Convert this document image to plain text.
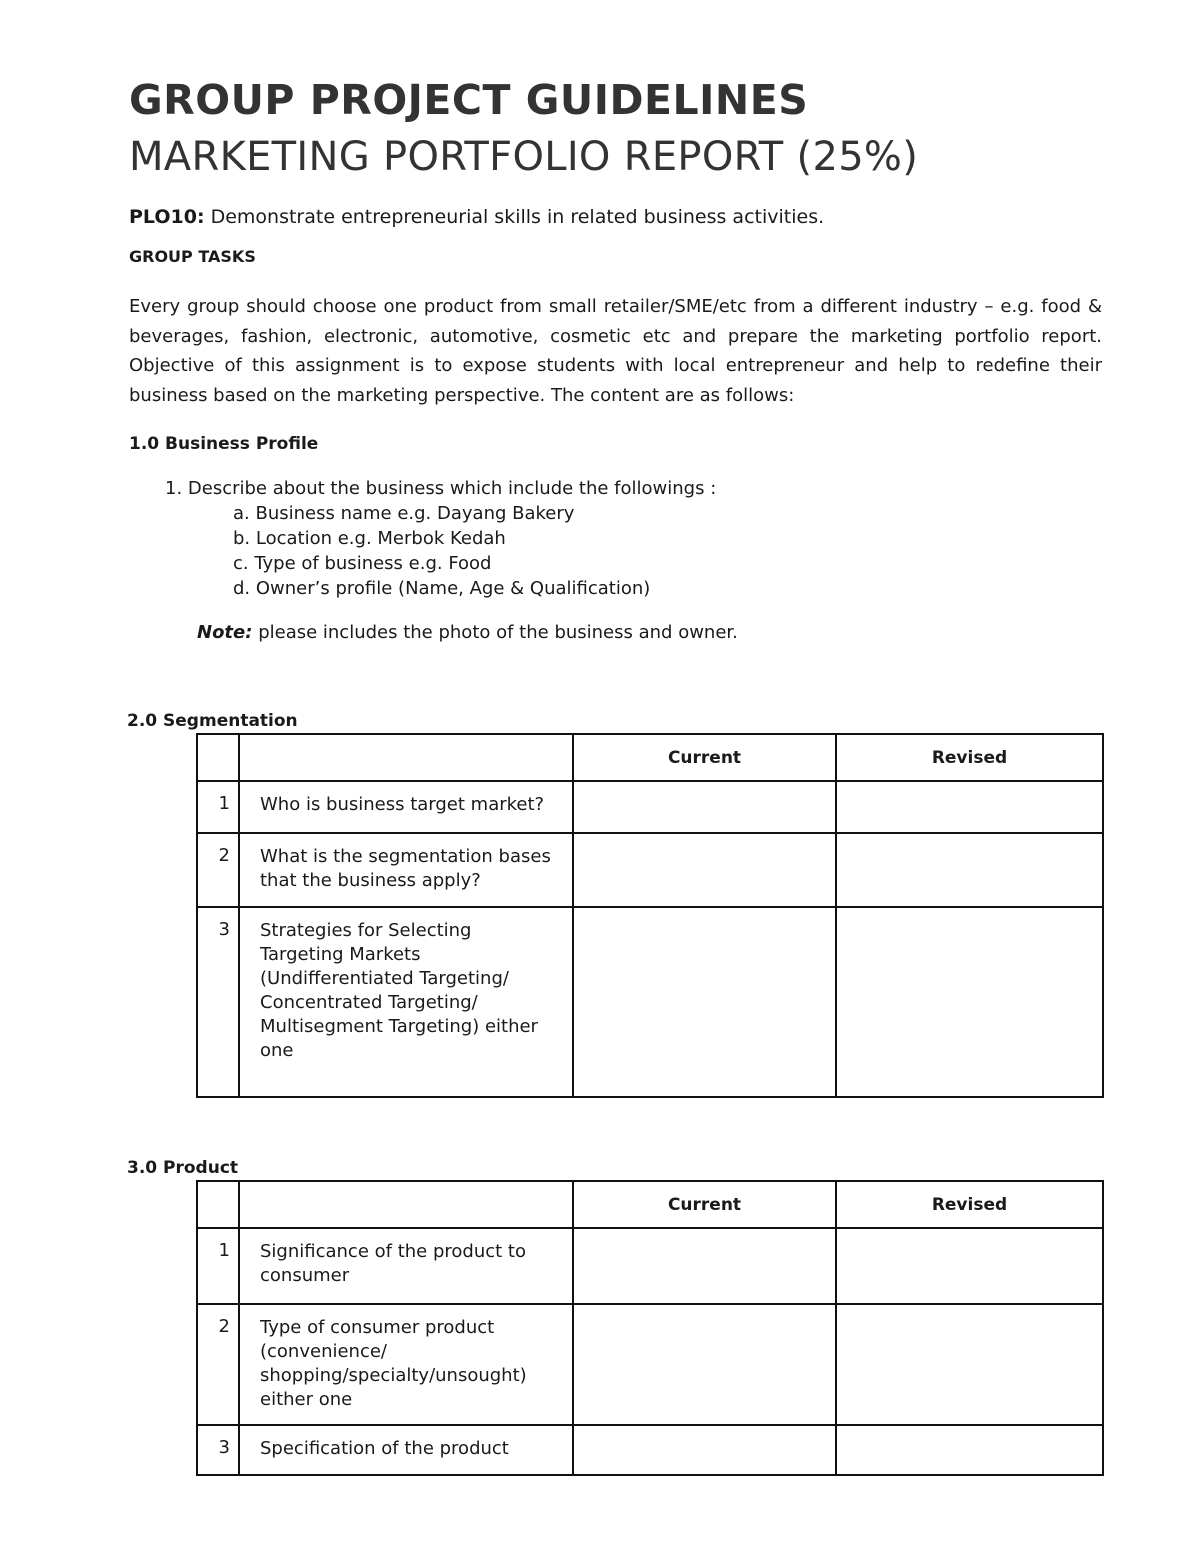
GROUP PROJECT GUIDELINES
MARKETING PORTFOLIO REPORT (25%)
PLO10: Demonstrate entrepreneurial skills in related business activities.
GROUP TASKS
Every group should choose one product from small retailer/SME/etc from a different industry – e.g. food & beverages, fashion, electronic, automotive, cosmetic etc and prepare the marketing portfolio report. Objective of this assignment is to expose students with local entrepreneur and help to redefine their business based on the marketing perspective. The content are as follows:
1.0 Business Profile
1. Describe about the business which include the followings :
a. Business name e.g. Dayang Bakery
b. Location e.g. Merbok Kedah
c. Type of business e.g. Food
d. Owner’s profile (Name, Age & Qualification)
Note: please includes the photo of the business and owner.
2.0 Segmentation
		Current	Revised
1	Who is business target market?		
2	What is the segmentation bases that the business apply?		
3	Strategies for Selecting Targeting Markets (Undifferentiated Targeting/ Concentrated Targeting/ Multisegment Targeting) either one		
3.0 Product
		Current	Revised
1	Significance of the product to consumer		
2	Type of consumer product (convenience/ shopping/specialty/unsought) either one		
3	Specification of the product		
